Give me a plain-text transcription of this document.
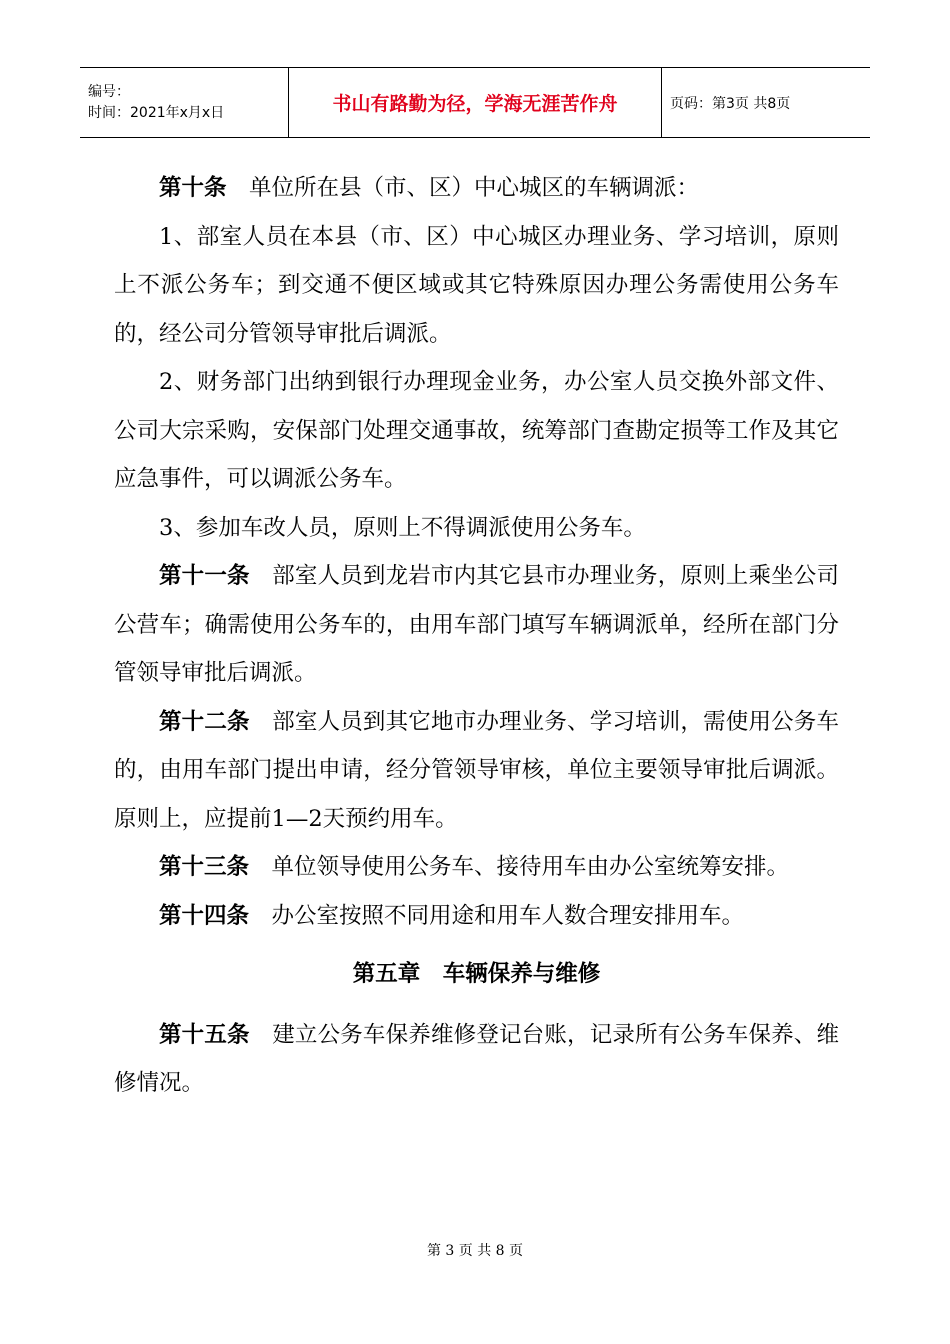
编号：
时间：2021年x月x日	书山有路勤为径，学海无涯苦作舟	页码：第3页 共8页

第十条 单位所在县（市、区）中心城区的车辆调派：

1、部室人员在本县（市、区）中心城区办理业务、学习培训，原则上不派公务车；到交通不便区域或其它特殊原因办理公务需使用公务车的，经公司分管领导审批后调派。

2、财务部门出纳到银行办理现金业务，办公室人员交换外部文件、公司大宗采购，安保部门处理交通事故，统筹部门查勘定损等工作及其它应急事件，可以调派公务车。

3、参加车改人员，原则上不得调派使用公务车。

第十一条 部室人员到龙岩市内其它县市办理业务，原则上乘坐公司公营车；确需使用公务车的，由用车部门填写车辆调派单，经所在部门分管领导审批后调派。

第十二条 部室人员到其它地市办理业务、学习培训，需使用公务车的，由用车部门提出申请，经分管领导审核，单位主要领导审批后调派。原则上，应提前1—2天预约用车。

第十三条 单位领导使用公务车、接待用车由办公室统筹安排。

第十四条 办公室按照不同用途和用车人数合理安排用车。

第五章　车辆保养与维修

第十五条 建立公务车保养维修登记台账，记录所有公务车保养、维修情况。

第 3 页 共 8 页
